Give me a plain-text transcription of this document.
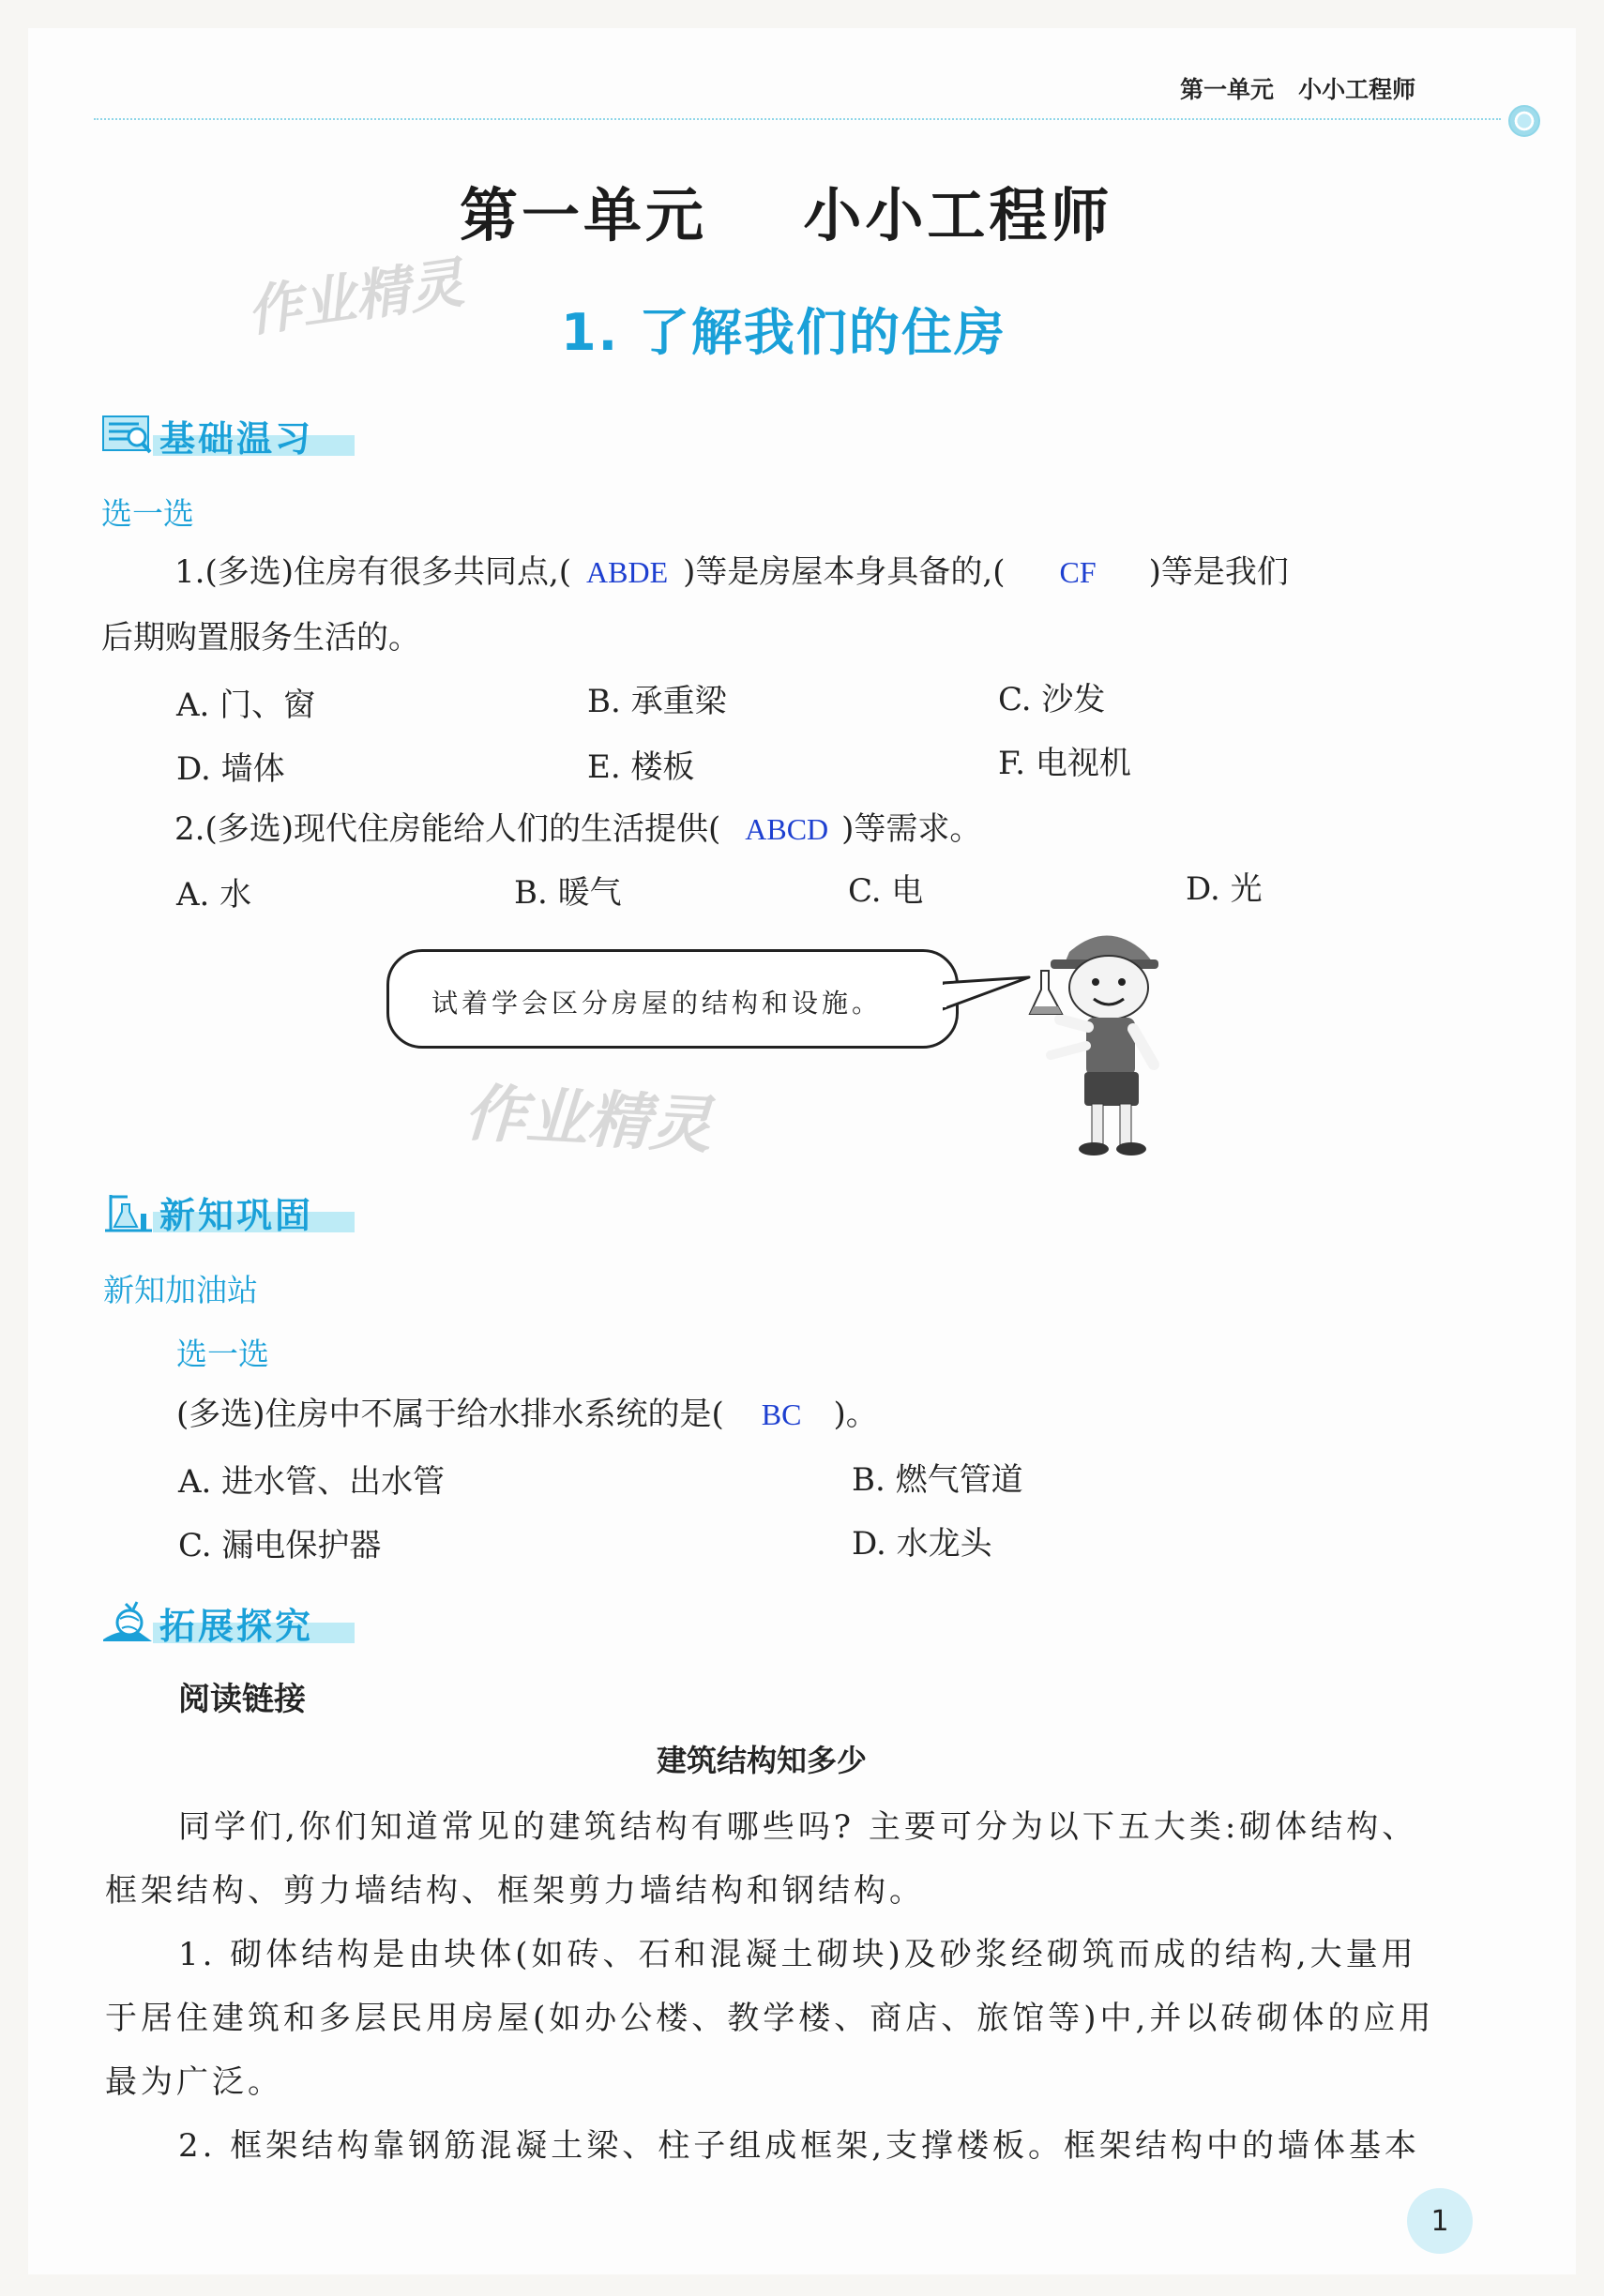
第一单元   小小工程师
第一单元    小小工程师
1. 了解我们的住房
作业精灵
作业精灵
基础温习
选一选
1.(多选)住房有很多共同点,( ABDE )等是房屋本身具备的,( CF )等是我们
后期购置服务生活的。
A. 门、窗	B. 承重梁	C. 沙发
D. 墙体	E. 楼板	F. 电视机
2.(多选)现代住房能给人们的生活提供( ABCD )等需求。
A. 水	B. 暖气	C. 电	D. 光
试着学会区分房屋的结构和设施。
新知巩固
新知加油站
选一选
(多选)住房中不属于给水排水系统的是( BC )。
A. 进水管、出水管	B. 燃气管道
C. 漏电保护器	D. 水龙头
拓展探究
阅读链接
建筑结构知多少
同学们,你们知道常见的建筑结构有哪些吗? 主要可分为以下五大类:砌体结构、
框架结构、剪力墙结构、框架剪力墙结构和钢结构。
1. 砌体结构是由块体(如砖、石和混凝土砌块)及砂浆经砌筑而成的结构,大量用
于居住建筑和多层民用房屋(如办公楼、教学楼、商店、旅馆等)中,并以砖砌体的应用
最为广泛。
2. 框架结构靠钢筋混凝土梁、柱子组成框架,支撑楼板。框架结构中的墙体基本
1
